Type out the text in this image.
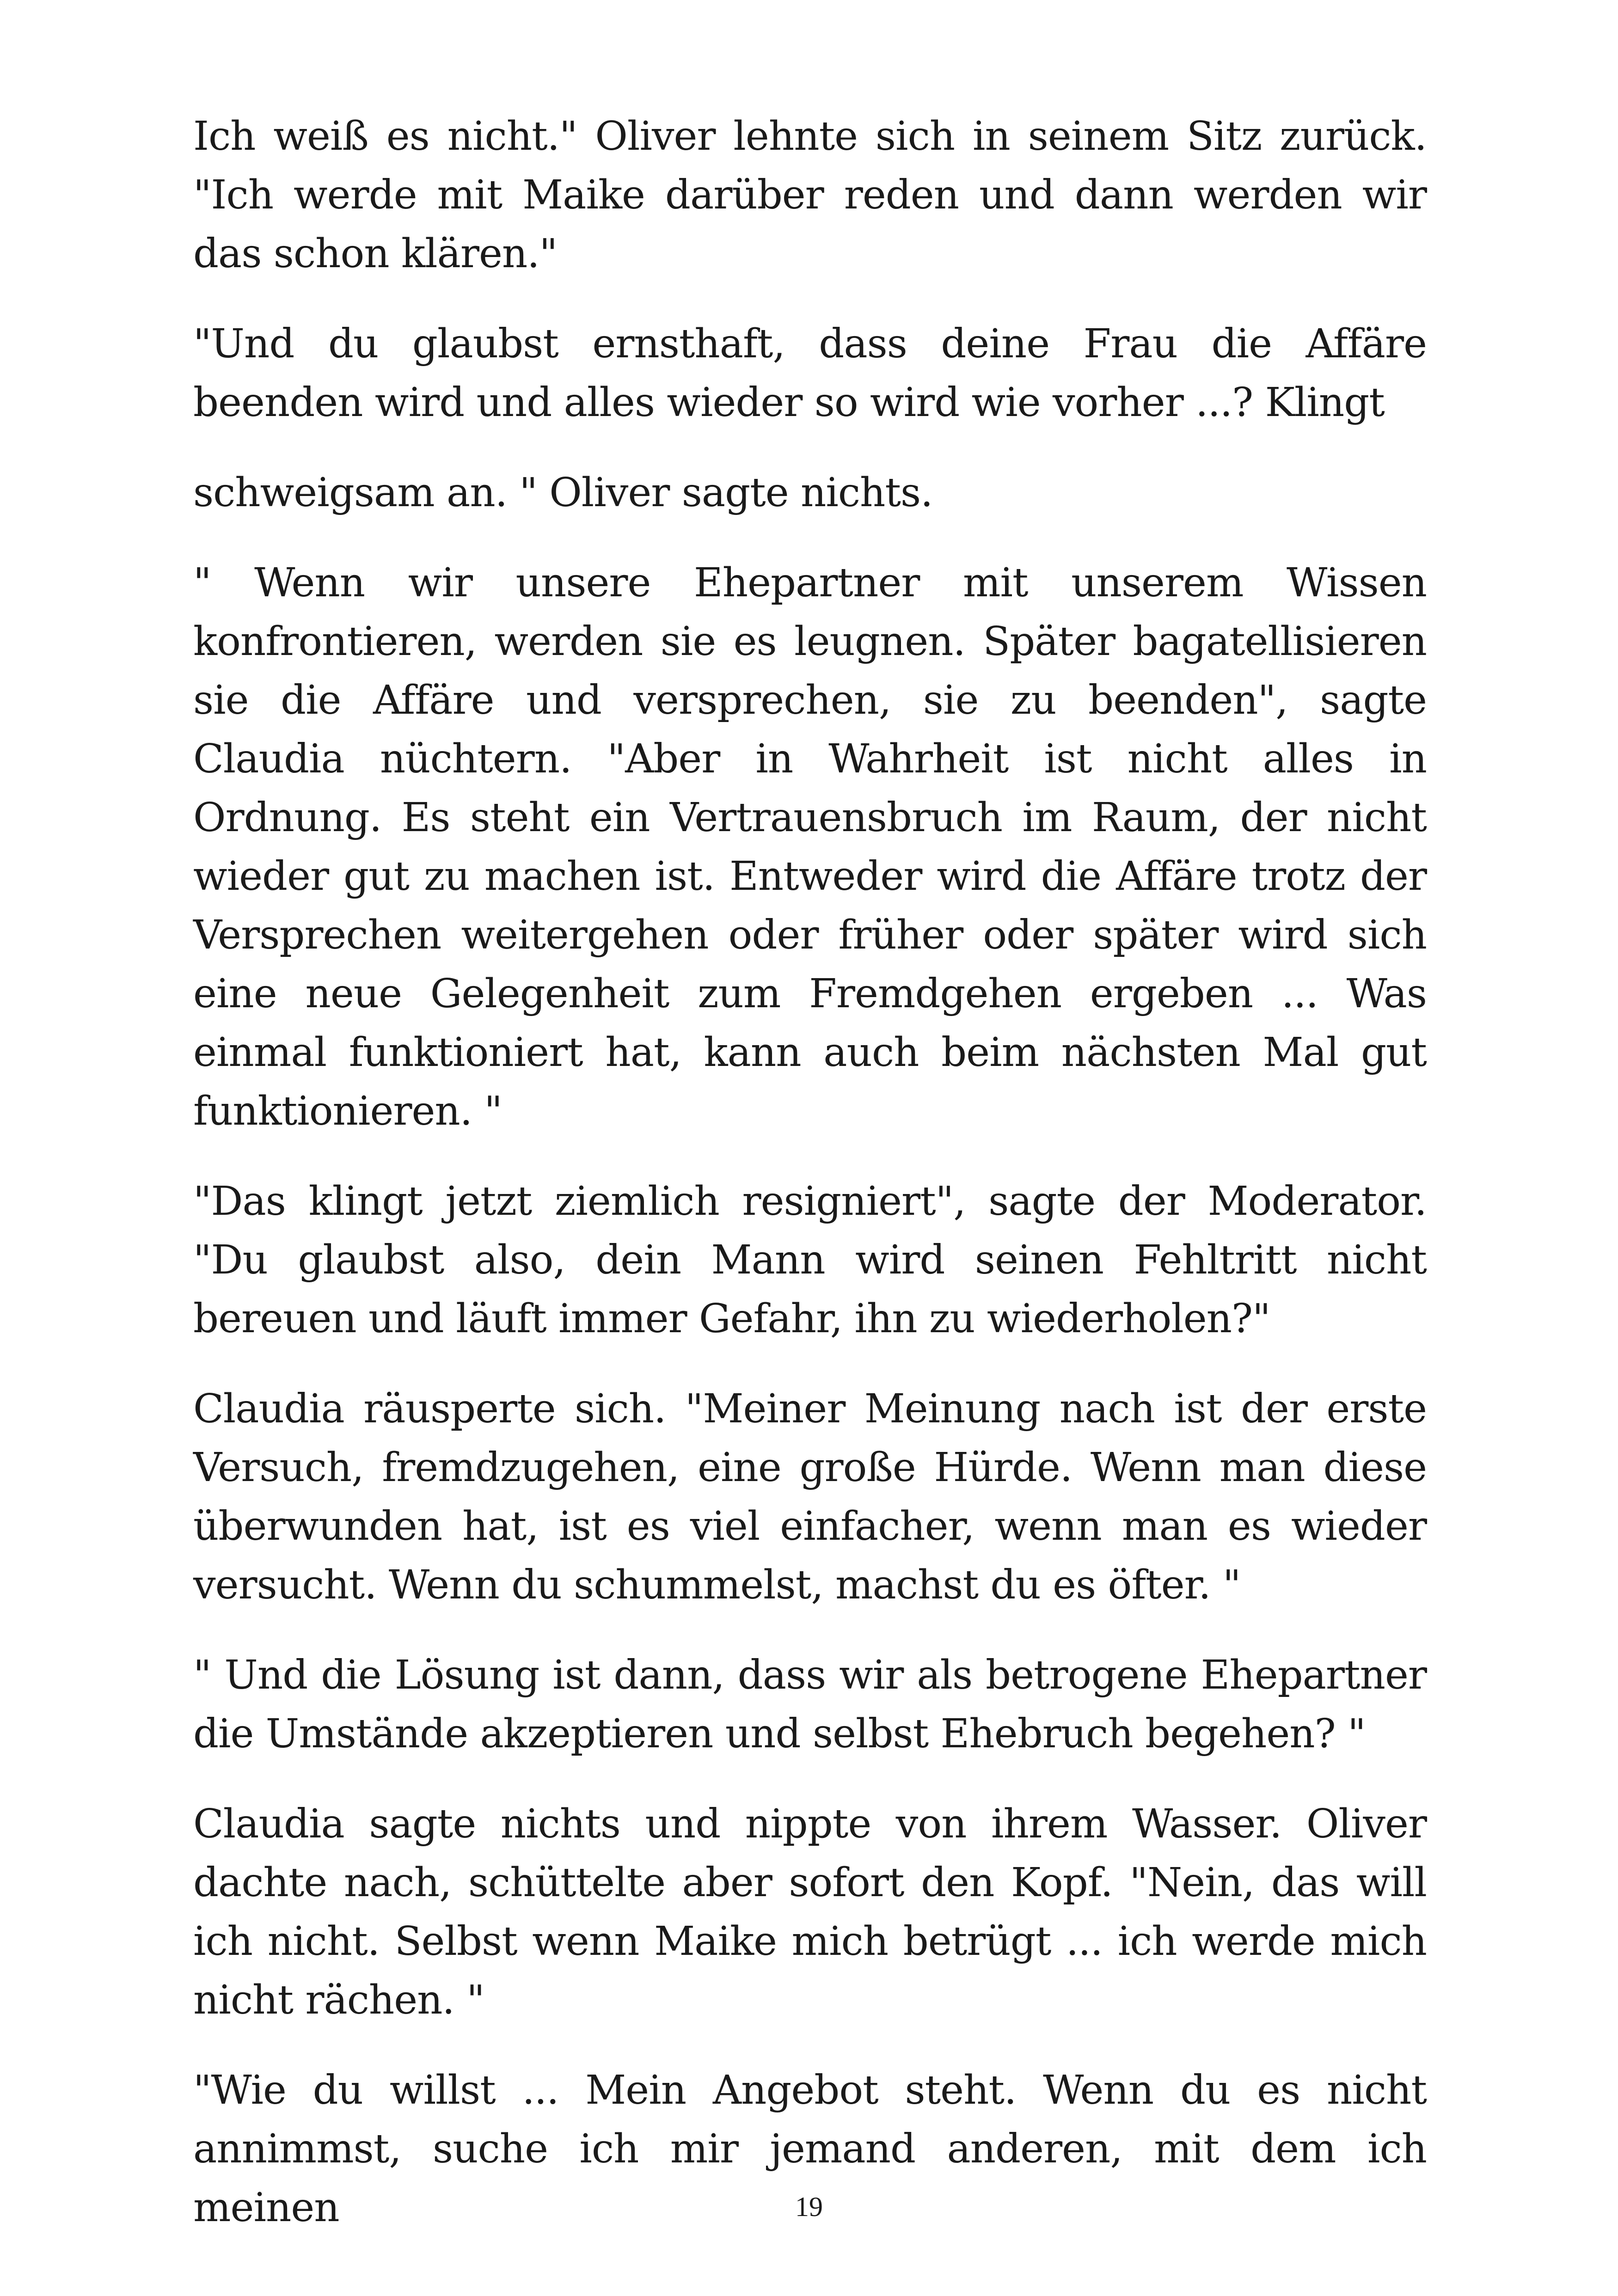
Ich weiß es nicht." Oliver lehnte sich in seinem Sitz zurück. "Ich werde mit Maike darüber reden und dann werden wir das schon klären."

"Und du glaubst ernsthaft, dass deine Frau die Affäre beenden wird und alles wieder so wird wie vorher ...? Klingt

schweigsam an. " Oliver sagte nichts.

" Wenn wir unsere Ehepartner mit unserem Wissen konfrontieren, werden sie es leugnen. Später bagatellisieren sie die Affäre und versprechen, sie zu beenden", sagte Claudia nüchtern. "Aber in Wahrheit ist nicht alles in Ordnung. Es steht ein Vertrauensbruch im Raum, der nicht wieder gut zu machen ist. Entweder wird die Affäre trotz der Versprechen weitergehen oder früher oder später wird sich eine neue Gelegenheit zum Fremdgehen ergeben ... Was einmal funktioniert hat, kann auch beim nächsten Mal gut funktionieren. "

"Das klingt jetzt ziemlich resigniert", sagte der Moderator. "Du glaubst also, dein Mann wird seinen Fehltritt nicht bereuen und läuft immer Gefahr, ihn zu wiederholen?"

Claudia räusperte sich. "Meiner Meinung nach ist der erste Versuch, fremdzugehen, eine große Hürde. Wenn man diese überwunden hat, ist es viel einfacher, wenn man es wieder versucht. Wenn du schummelst, machst du es öfter. "

" Und die Lösung ist dann, dass wir als betrogene Ehepartner die Umstände akzeptieren und selbst Ehebruch begehen? "

Claudia sagte nichts und nippte von ihrem Wasser. Oliver dachte nach, schüttelte aber sofort den Kopf. "Nein, das will ich nicht. Selbst wenn Maike mich betrügt ... ich werde mich nicht rächen. "

"Wie du willst ... Mein Angebot steht. Wenn du es nicht annimmst, suche ich mir jemand anderen, mit dem ich meinen	19
